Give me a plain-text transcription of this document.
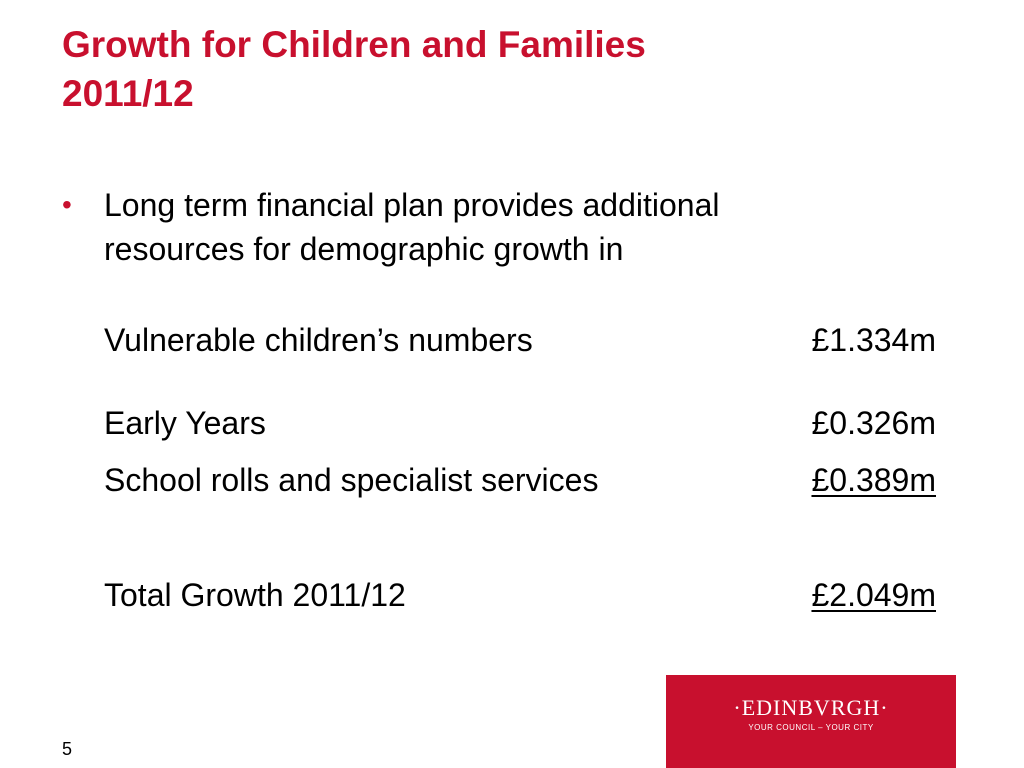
Growth for Children and Families
2011/12
• Long term financial plan provides additional
resources for demographic growth in
Vulnerable children’s numbers	£1.334m
Early Years	£0.326m
School rolls and specialist services	£0.389m
Total Growth 2011/12	£2.049m
5
·EDINBVRGH·
YOUR COUNCIL – YOUR CITY
